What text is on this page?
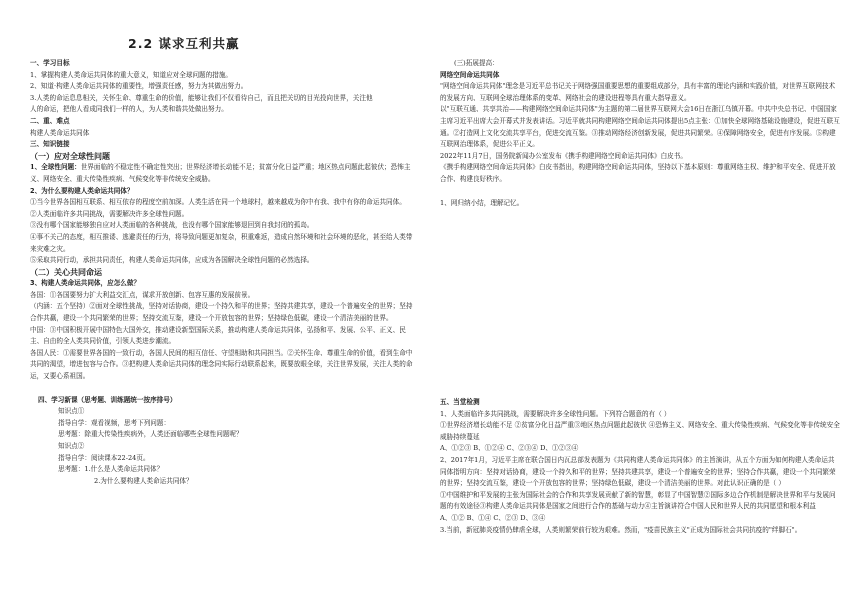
2.2 谋求互利共赢

一、学习目标

1、掌握构建人类命运共同体的重大意义，知道应对全球问题的措施。

2、知道·构建人类命运共同体的重要性，增强责任感，努力为其做出努力。

3.人类的命运息息相关，关怀生命、尊重生命的价值，能够让我们不仅看待自己，而且把关切的目光投向世界，关注他

人的命运，把他人看成同我们一样的人，为人类和谐共处做出努力。

二、重、难点

构建人类命运共同体

三、知识链接

（一）应对全球性问题

1、全球性问题：世界面临的不稳定性不确定性突出；世界经济增长动能不足；贫富分化日益严重；地区热点问题此起彼伏；恐怖主义、网络安全、重大传染性疾病、气候变化等非传统安全威胁。

2、为什么要构建人类命运共同体？

①当今世界各国相互联系、相互依存的程度空前加深。人类生活在同一个地球村，越来越成为你中有我、我中有你的命运共同体。

②人类面临许多共同挑战，需要解决许多全球性问题。

③没有哪个国家能够独自应对人类面临的各种挑战，也没有哪个国家能够退回到自我封闭的孤岛。

④事不关己的态度，相互推诿、逃避责任的行为，将导致问题更加复杂，积重难返，造成自然环境和社会环境的恶化，甚至给人类带来灾难之灾。

⑤采取共同行动，承担共同责任，构建人类命运共同体，应成为各国解决全球性问题的必然选择。

（二）关心共同命运

3、构建人类命运共同体，应怎么做？

各国：①各国要努力扩大利益交汇点，谋求开放创新、包容互惠的发展前景。

（内涵：五个坚持）②面对全球性挑战，坚持对话协商，建设一个持久和平的世界；坚持共建共享，建设一个普遍安全的世界；坚持合作共赢，建设一个共同繁荣的世界；坚持交流互鉴，建设一个开放包容的世界；坚持绿色低碳，建设一个清洁美丽的世界。

中国：③中国积极开展中国特色大国外交，推动建设新型国际关系，推动构建人类命运共同体，弘扬和平、发展、公平、正义、民主、自由的全人类共同价值，引领人类进步潮流。

各国人民：①需要世界各国的一致行动，各国人民间的相互信任、守望相助和共同担当。②关怀生命、尊重生命的价值，看到生命中共同的渴望，增进包容与合作。③把构建人类命运共同体的理念同实际行动联系起来，既要放眼全球，关注世界发展，关注人类的命运，又要心系祖国。

四、学习新课（思考题、训练题统一按序排号）

知识点①

指导自学：观看视频，思考下列问题：

思考题：除重大传染性疾病外，人类还面临哪些全球性问题呢？

知识点②

指导自学：阅读课本22-24页。

思考题：1.什么是人类命运共同体？

2.为什么要构建人类命运共同体？

(三)拓展提高：

网络空间命运共同体

"网络空间命运共同体"理念是习近平总书记关于网络强国重要思想的重要组成部分，具有丰富的理论内涵和实践价值，对世界互联网技术的发展方向、互联网全球治理体系的变革、网络社会的建设进程等具有重大指导意义。

以"互联互通、共享共治——构建网络空间命运共同体"为主题的第二届世界互联网大会16日在浙江乌镇开幕。中共中央总书记、中国国家主席习近平出席大会开幕式并发表讲话。习近平就共同构建网络空间命运共同体提出5点主张：①加快全球网络基础设施建设，促进互联互通。②打造网上文化交流共享平台，促进交流互鉴。③推动网络经济创新发展，促进共同繁荣。④保障网络安全，促进有序发展。⑤构建互联网治理体系，促进公平正义。

2022年11月7日，国务院新闻办公室发布《携手构建网络空间命运共同体》白皮书。

《携手构建网络空间命运共同体》白皮书指出，构建网络空间命运共同体，坚持以下基本原则：尊重网络主权、维护和平安全、促进开放合作、构建良好秩序。

1、网归纳小结，理解记忆。

五、当堂检测

1、人类面临许多共同挑战，需要解决许多全球性问题。下列符合题意的有（ ）

①世界经济增长动能不足 ②贫富分化日益严重③地区热点问题此起彼伏 ④恐怖主义、网络安全、重大传染性疾病、气候变化等非传统安全威胁持续蔓延

A、①②③ B、①②④ C、②③④ D、①②③④

2、2017年1月，习近平主席在联合国日内瓦总部发表题为《共同构建人类命运共同体》的主旨演讲，从五个方面为如何构建人类命运共同体指明方向：坚持对话协商，建设一个持久和平的世界；坚持共建共享，建设一个普遍安全的世界；坚持合作共赢，建设一个共同繁荣的世界；坚持交流互鉴，建设一个开放包容的世界；坚持绿色低碳，建设一个清洁美丽的世界。对此认识正确的是（ ）

①中国维护和平发展的主张为国际社会的合作和共享发展贡献了新的智慧，彰显了中国智慧②国际多边合作机制是解决世界和平与发展问题的有效途径③构建人类命运共同体是国家之间进行合作的基础与动力④主旨演讲符合中国人民和世界人民的共同愿望和根本利益

A、①② B、①④ C、②③ D、③④

3.当前，新冠肺炎疫情仍肆虐全球，人类则繁荣前行较为艰难。然而，"疫苗民族主义"正成为国际社会共同抗疫的"绊脚石"。
